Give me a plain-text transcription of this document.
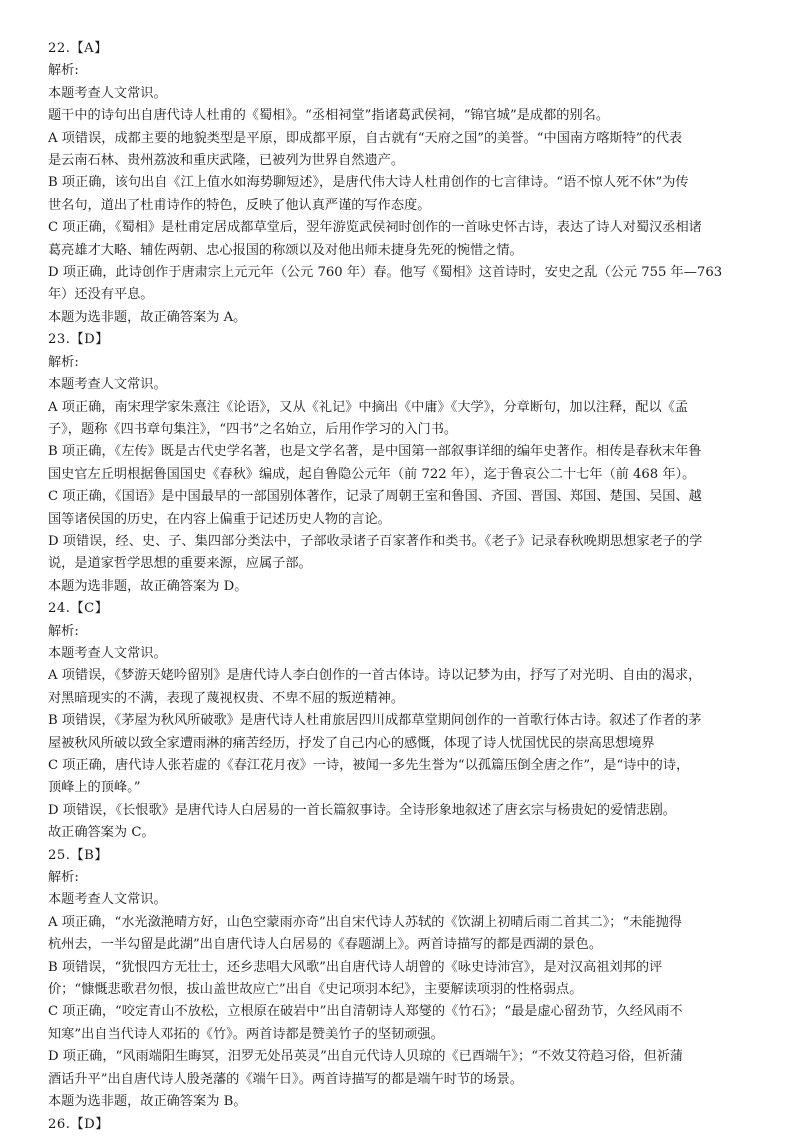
22.【A】
解析:
本题考查人文常识。
题干中的诗句出自唐代诗人杜甫的《蜀相》。“丞相祠堂”指诸葛武侯祠，“锦官城”是成都的别名。
A 项错误，成都主要的地貌类型是平原，即成都平原，自古就有“天府之国”的美誉。“中国南方喀斯特”的代表
是云南石林、贵州荔波和重庆武隆，已被列为世界自然遗产。
B 项正确，该句出自《江上值水如海势聊短述》，是唐代伟大诗人杜甫创作的七言律诗。“语不惊人死不休”为传
世名句，道出了杜甫诗作的特色，反映了他认真严谨的写作态度。
C 项正确，《蜀相》是杜甫定居成都草堂后，翌年游览武侯祠时创作的一首咏史怀古诗，表达了诗人对蜀汉丞相诸
葛亮雄才大略、辅佐两朝、忠心报国的称颂以及对他出师未捷身先死的惋惜之情。
D 项正确，此诗创作于唐肃宗上元元年（公元 760 年）春。他写《蜀相》这首诗时，安史之乱（公元 755 年—763
年）还没有平息。
本题为选非题，故正确答案为 A。
23.【D】
解析:
本题考查人文常识。
A 项正确，南宋理学家朱熹注《论语》，又从《礼记》中摘出《中庸》《大学》，分章断句，加以注释，配以《孟
子》，题称《四书章句集注》，“四书”之名始立，后用作学习的入门书。
B 项正确，《左传》既是古代史学名著，也是文学名著，是中国第一部叙事详细的编年史著作。相传是春秋末年鲁
国史官左丘明根据鲁国国史《春秋》编成，起自鲁隐公元年（前 722 年），迄于鲁哀公二十七年（前 468 年）。
C 项正确，《国语》是中国最早的一部国别体著作，记录了周朝王室和鲁国、齐国、晋国、郑国、楚国、吴国、越
国等诸侯国的历史，在内容上偏重于记述历史人物的言论。
D 项错误，经、史、子、集四部分类法中，子部收录诸子百家著作和类书。《老子》记录春秋晚期思想家老子的学
说，是道家哲学思想的重要来源，应属子部。
本题为选非题，故正确答案为 D。
24.【C】
解析:
本题考查人文常识。
A 项错误，《梦游天姥吟留别》是唐代诗人李白创作的一首古体诗。诗以记梦为由，抒写了对光明、自由的渴求，
对黑暗现实的不满，表现了蔑视权贵、不卑不屈的叛逆精神。
B 项错误，《茅屋为秋风所破歌》是唐代诗人杜甫旅居四川成都草堂期间创作的一首歌行体古诗。叙述了作者的茅
屋被秋风所破以致全家遭雨淋的痛苦经历，抒发了自己内心的感慨，体现了诗人忧国忧民的崇高思想境界
C 项正确，唐代诗人张若虚的《春江花月夜》一诗，被闻一多先生誉为“以孤篇压倒全唐之作”，是“诗中的诗，
顶峰上的顶峰。”
D 项错误，《长恨歌》是唐代诗人白居易的一首长篇叙事诗。全诗形象地叙述了唐玄宗与杨贵妃的爱情悲剧。
故正确答案为 C。
25.【B】
解析:
本题考查人文常识。
A 项正确，“水光潋滟晴方好，山色空蒙雨亦奇”出自宋代诗人苏轼的《饮湖上初晴后雨二首其二》；“未能抛得
杭州去，一半勾留是此湖”出自唐代诗人白居易的《春题湖上》。两首诗描写的都是西湖的景色。
B 项错误，“犹恨四方无壮士，还乡悲唱大风歌”出自唐代诗人胡曾的《咏史诗沛宫》，是对汉高祖刘邦的评
价；“慷慨悲歌君勿恨，拔山盖世故应亡”出自《史记项羽本纪》，主要解读项羽的性格弱点。
C 项正确，“咬定青山不放松，立根原在破岩中”出自清朝诗人郑燮的《竹石》；“最是虚心留劲节，久经风雨不
知寒”出自当代诗人邓拓的《竹》。两首诗都是赞美竹子的坚韧顽强。
D 项正确，“风雨端阳生晦冥，汨罗无处吊英灵”出自元代诗人贝琼的《已酉端午》；“不效艾符趋习俗，但祈蒲
酒话升平”出自唐代诗人殷尧藩的《端午日》。两首诗描写的都是端午时节的场景。
本题为选非题，故正确答案为 B。
26.【D】
